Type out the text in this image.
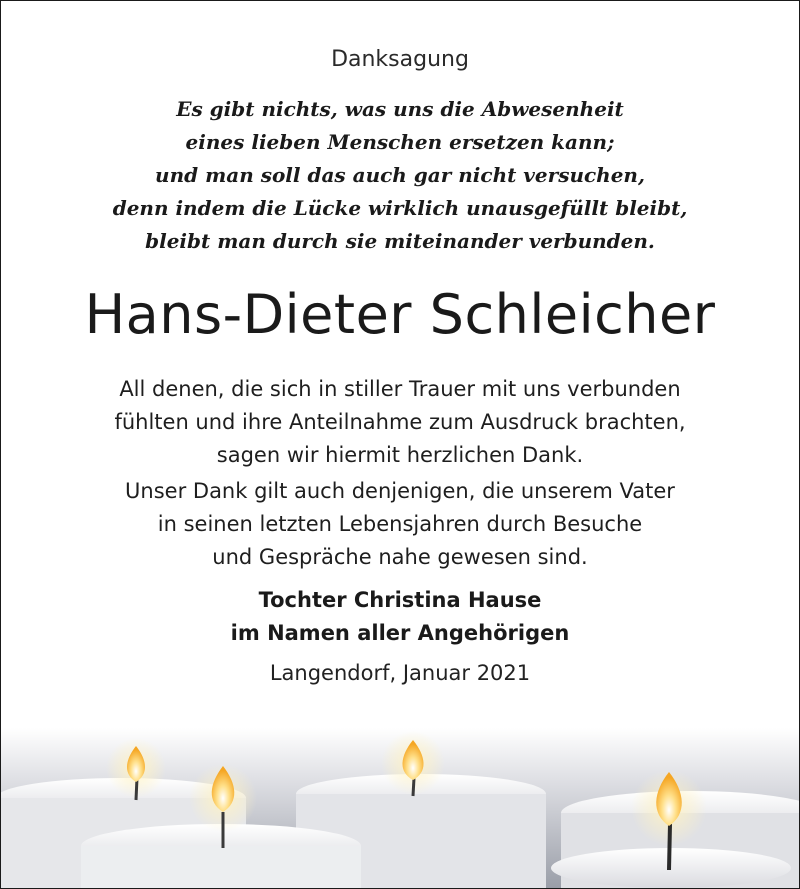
Danksagung
Es gibt nichts, was uns die Abwesenheit
eines lieben Menschen ersetzen kann;
und man soll das auch gar nicht versuchen,
denn indem die Lücke wirklich unausgefüllt bleibt,
bleibt man durch sie miteinander verbunden.
Hans-Dieter Schleicher
All denen, die sich in stiller Trauer mit uns verbunden
fühlten und ihre Anteilnahme zum Ausdruck brachten,
sagen wir hiermit herzlichen Dank.
Unser Dank gilt auch denjenigen, die unserem Vater
in seinen letzten Lebensjahren durch Besuche
und Gespräche nahe gewesen sind.
Tochter Christina Hause
im Namen aller Angehörigen
Langendorf, Januar 2021
